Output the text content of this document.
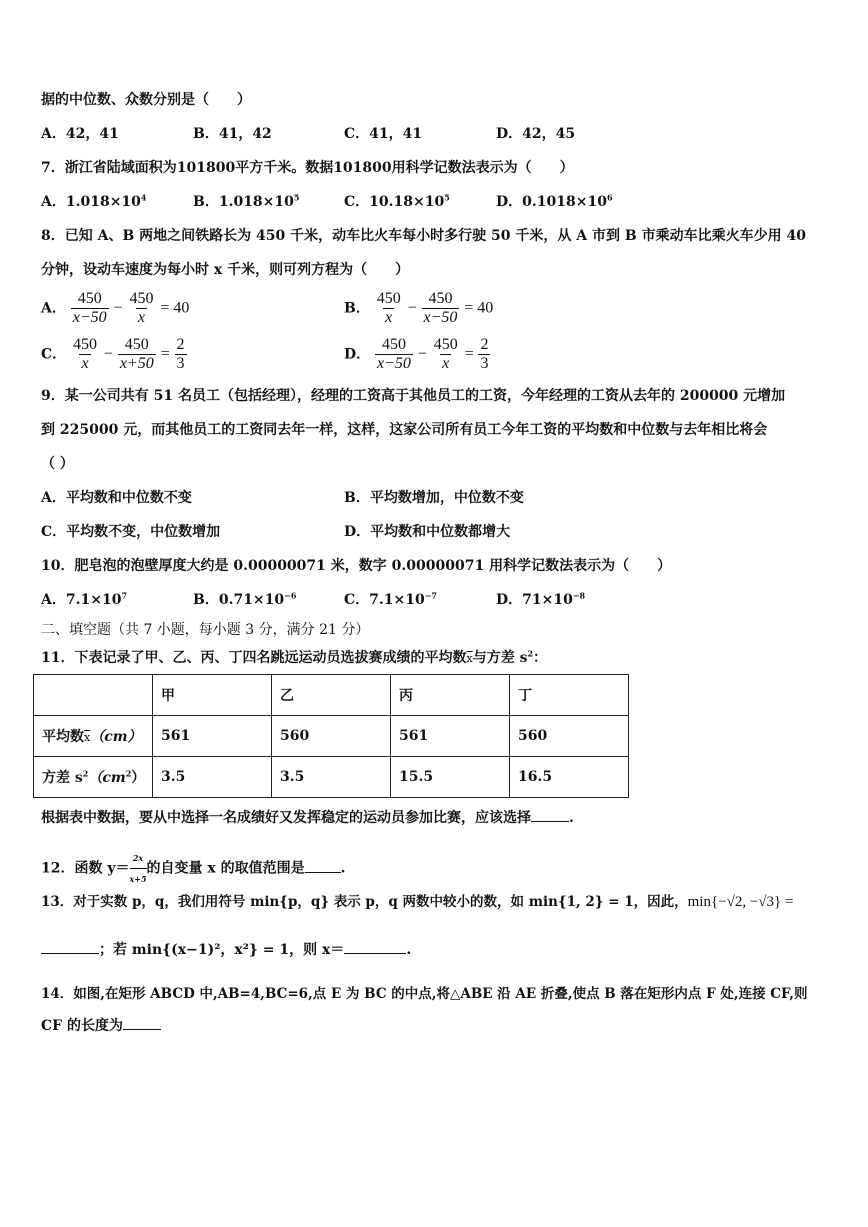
据的中位数、众数分别是（　　）
A．42，41	B．41，42	C．41，41	D．42，45
7．浙江省陆域面积为101800平方千米。数据101800用科学记数法表示为（　　）
A．$1.018\times 10^4$	B．$1.018\times 10^5$	C．$10.18\times 10^5$	D．$0.1018\times 10^6$
8．已知 A、B 两地之间铁路长为 450 千米，动车比火车每小时多行驶 50 千米，从 A 市到 B 市乘动车比乘火车少用 40
分钟，设动车速度为每小时 x 千米，则可列方程为（　　）
A． $\frac{450}{x-50} - \frac{450}{x} = 40$	B． $\frac{450}{x} - \frac{450}{x-50} = 40$
C． $\frac{450}{x} - \frac{450}{x+50} = \frac{2}{3}$	D． $\frac{450}{x-50} - \frac{450}{x} = \frac{2}{3}$
9．某一公司共有 51 名员工（包括经理），经理的工资高于其他员工的工资，今年经理的工资从去年的 200000 元增加
到 225000 元，而其他员工的工资同去年一样，这样，这家公司所有员工今年工资的平均数和中位数与去年相比将会
（ ）
A．平均数和中位数不变	B．平均数增加，中位数不变
C．平均数不变，中位数增加	D．平均数和中位数都增大
10．肥皂泡的泡壁厚度大约是 0.00000071 米，数字 0.00000071 用科学记数法表示为（　　）
A．$7.1\times 10^7$	B．$0.71\times 10^{-6}$	C．$7.1\times 10^{-7}$	D．$71\times 10^{-8}$
二、填空题（共 7 小题，每小题 3 分，满分 21 分）
11．下表记录了甲、乙、丙、丁四名跳远运动员选拔赛成绩的平均数$\overline{x}$与方差 $s^2$：
	甲	乙	丙	丁
平均数$\overline{x}(cm)$	561	560	561	560
方差 $s^2(cm^2)$	3.5	3.5	15.5	16.5
根据表中数据，要从中选择一名成绩好又发挥稳定的运动员参加比赛，应该选择	.
12．函数 $y= \frac{2x}{x+5}$ 的自变量 x 的取值范围是	.
13．对于实数 p，q，我们用符号 min{p，q} 表示 p，q 两数中较小的数，如 min{1, 2} = 1，因此，min{−√2, −√3} =
；若 min{(x−1)²，x²} = 1，则 x＝	.
14．如图,在矩形 ABCD 中,AB=4,BC=6,点 E 为 BC 的中点,将△ABE 沿 AE 折叠,使点 B 落在矩形内点 F 处,连接 CF,则
CF 的长度为
